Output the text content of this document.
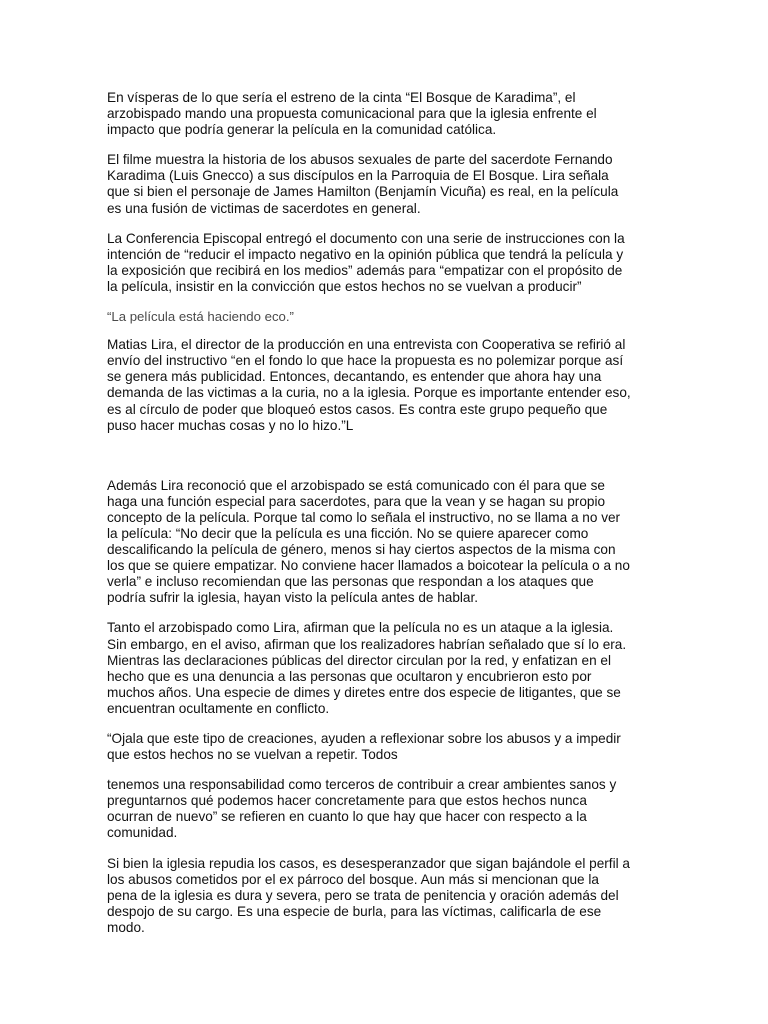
En vísperas de lo que sería el estreno de la cinta “El Bosque de Karadima”, el arzobispado mando una propuesta comunicacional para que la iglesia enfrente el impacto que podría generar la película en la comunidad católica.

El filme muestra la historia de los abusos sexuales de parte del sacerdote Fernando Karadima (Luis Gnecco) a sus discípulos en la Parroquia de El Bosque. Lira señala que si bien el personaje de James Hamilton (Benjamín Vicuña) es real, en la película es una fusión de victimas de sacerdotes en general.

La Conferencia Episcopal entregó el documento con una serie de instrucciones con la intención de “reducir el impacto negativo en la opinión pública que tendrá la película y la exposición que recibirá en los medios” además para “empatizar con el propósito de la película, insistir en la convicción que estos hechos no se vuelvan a producir”

“La película está haciendo eco.”

Matias Lira, el director de la producción en una entrevista con Cooperativa se refirió al envío del instructivo “en el fondo lo que hace la propuesta es no polemizar porque así se genera más publicidad. Entonces, decantando, es entender que ahora hay una demanda de las victimas a la curia, no a la iglesia. Porque es importante entender eso, es al círculo de poder que bloqueó estos casos. Es contra este grupo pequeño que puso hacer muchas cosas y no lo hizo.”L

Además Lira reconoció que el arzobispado se está comunicado con él para que se haga una función especial para sacerdotes, para que la vean y se hagan su propio concepto de la película. Porque tal como lo señala el instructivo, no se llama a no ver la película: “No decir que la película es una ficción. No se quiere aparecer como descalificando la película de género, menos si hay ciertos aspectos de la misma con los que se quiere empatizar. No conviene hacer llamados a boicotear la película o a no verla” e incluso recomiendan que las personas que respondan a los ataques que podría sufrir la iglesia, hayan visto la película antes de hablar.

Tanto el arzobispado como Lira, afirman que la película no es un ataque a la iglesia. Sin embargo, en el aviso, afirman que los realizadores habrían señalado que sí lo era. Mientras las declaraciones públicas del director circulan por la red, y enfatizan en el hecho que es una denuncia a las personas que ocultaron y encubrieron esto por muchos años. Una especie de dimes y diretes entre dos especie de litigantes, que se encuentran ocultamente en conflicto.

“Ojala que este tipo de creaciones, ayuden a reflexionar sobre los abusos y a impedir que estos hechos no se vuelvan a repetir. Todos

tenemos una responsabilidad como terceros de contribuir a crear ambientes sanos y preguntarnos qué podemos hacer concretamente para que estos hechos nunca ocurran de nuevo” se refieren en cuanto lo que hay que hacer con respecto a la comunidad.

Si bien la iglesia repudia los casos, es desesperanzador que sigan bajándole el perfil a los abusos cometidos por el ex párroco del bosque. Aun más si mencionan que la pena de la iglesia es dura y severa, pero se trata de penitencia y oración además del despojo de su cargo. Es una especie de burla, para las víctimas, calificarla de ese modo.
